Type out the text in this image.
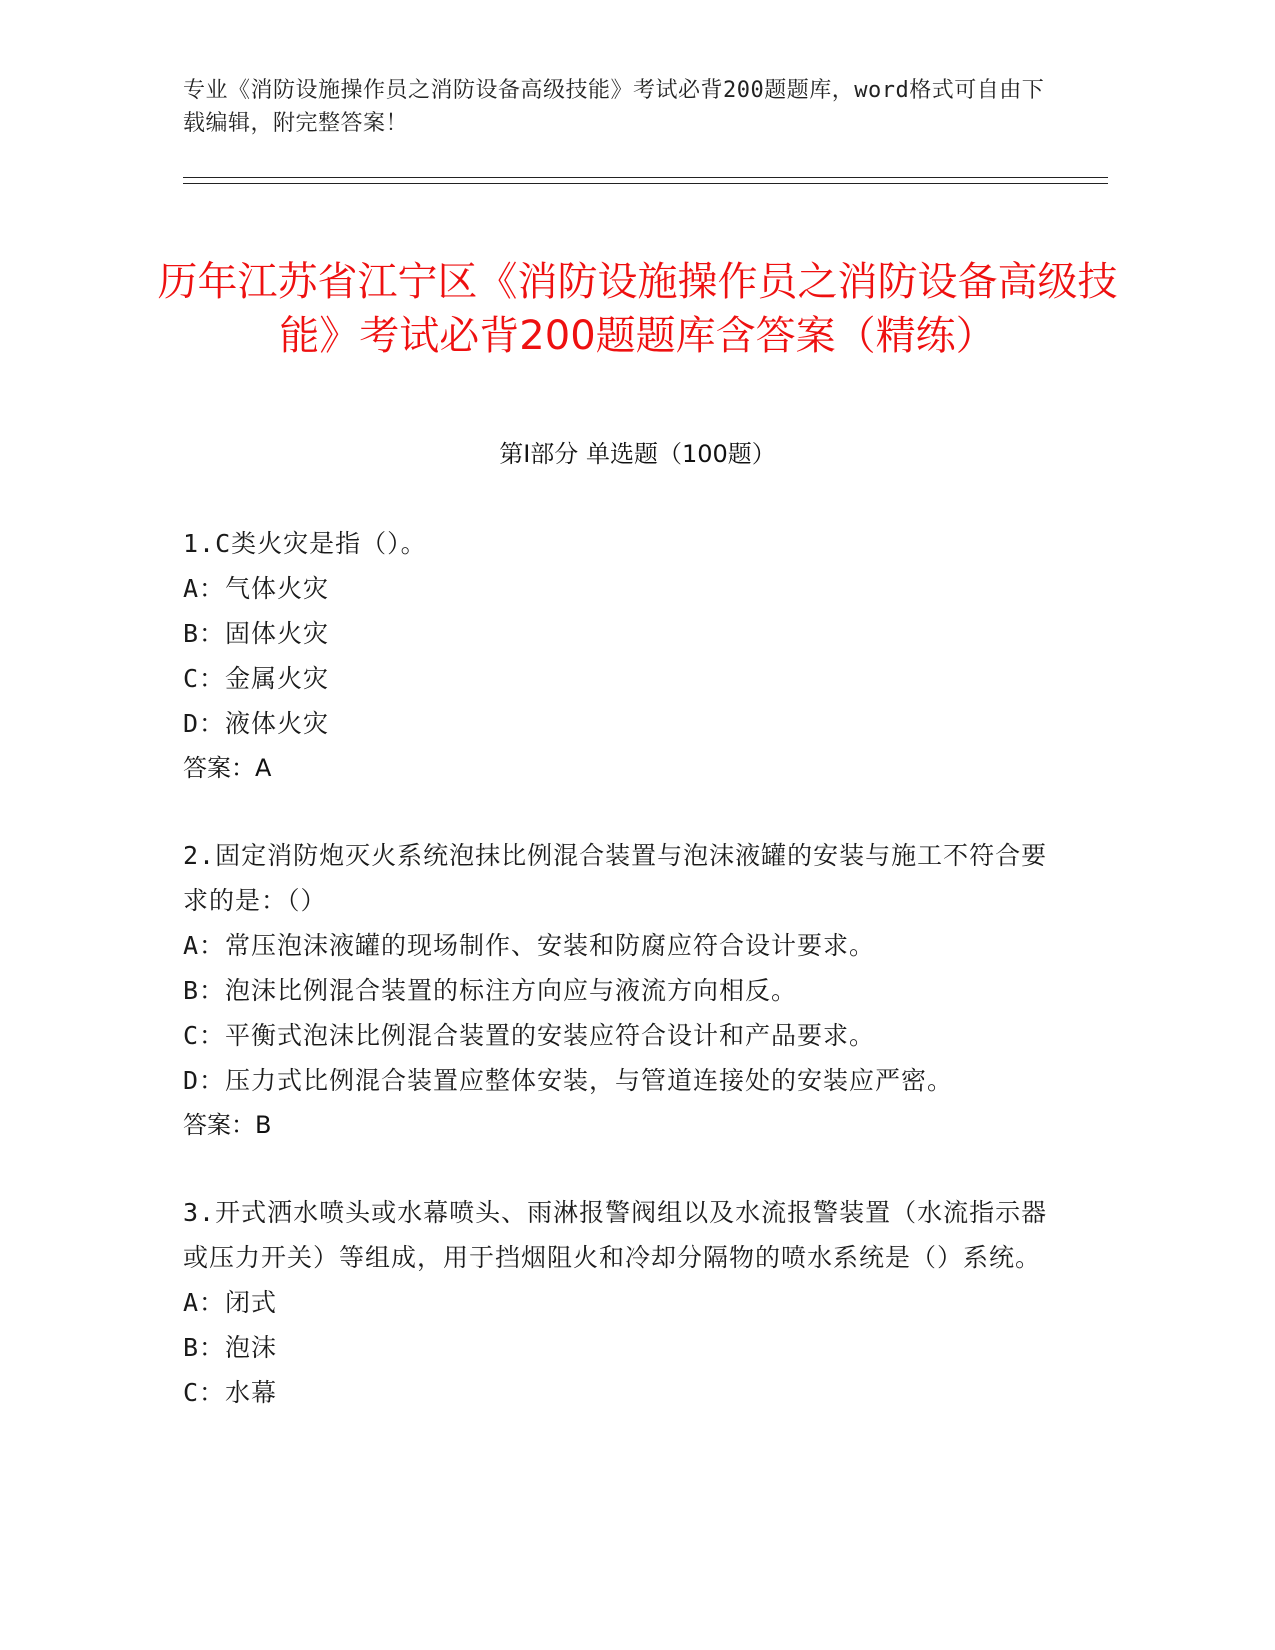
专业《消防设施操作员之消防设备高级技能》考试必背200题题库，word格式可自由下载编辑，附完整答案！
历年江苏省江宁区《消防设施操作员之消防设备高级技能》考试必背200题题库含答案（精练）
第Ⅰ部分 单选题（100题）
1.C类火灾是指（）。
A：气体火灾
B：固体火灾
C：金属火灾
D：液体火灾
答案：A
2.固定消防炮灭火系统泡抹比例混合装置与泡沫液罐的安装与施工不符合要求的是：（）
A：常压泡沫液罐的现场制作、安装和防腐应符合设计要求。
B：泡沫比例混合装置的标注方向应与液流方向相反。
C：平衡式泡沫比例混合装置的安装应符合设计和产品要求。
D：压力式比例混合装置应整体安装，与管道连接处的安装应严密。
答案：B
3.开式洒水喷头或水幕喷头、雨淋报警阀组以及水流报警装置（水流指示器或压力开关）等组成，用于挡烟阻火和冷却分隔物的喷水系统是（）系统。
A：闭式
B：泡沫
C：水幕
